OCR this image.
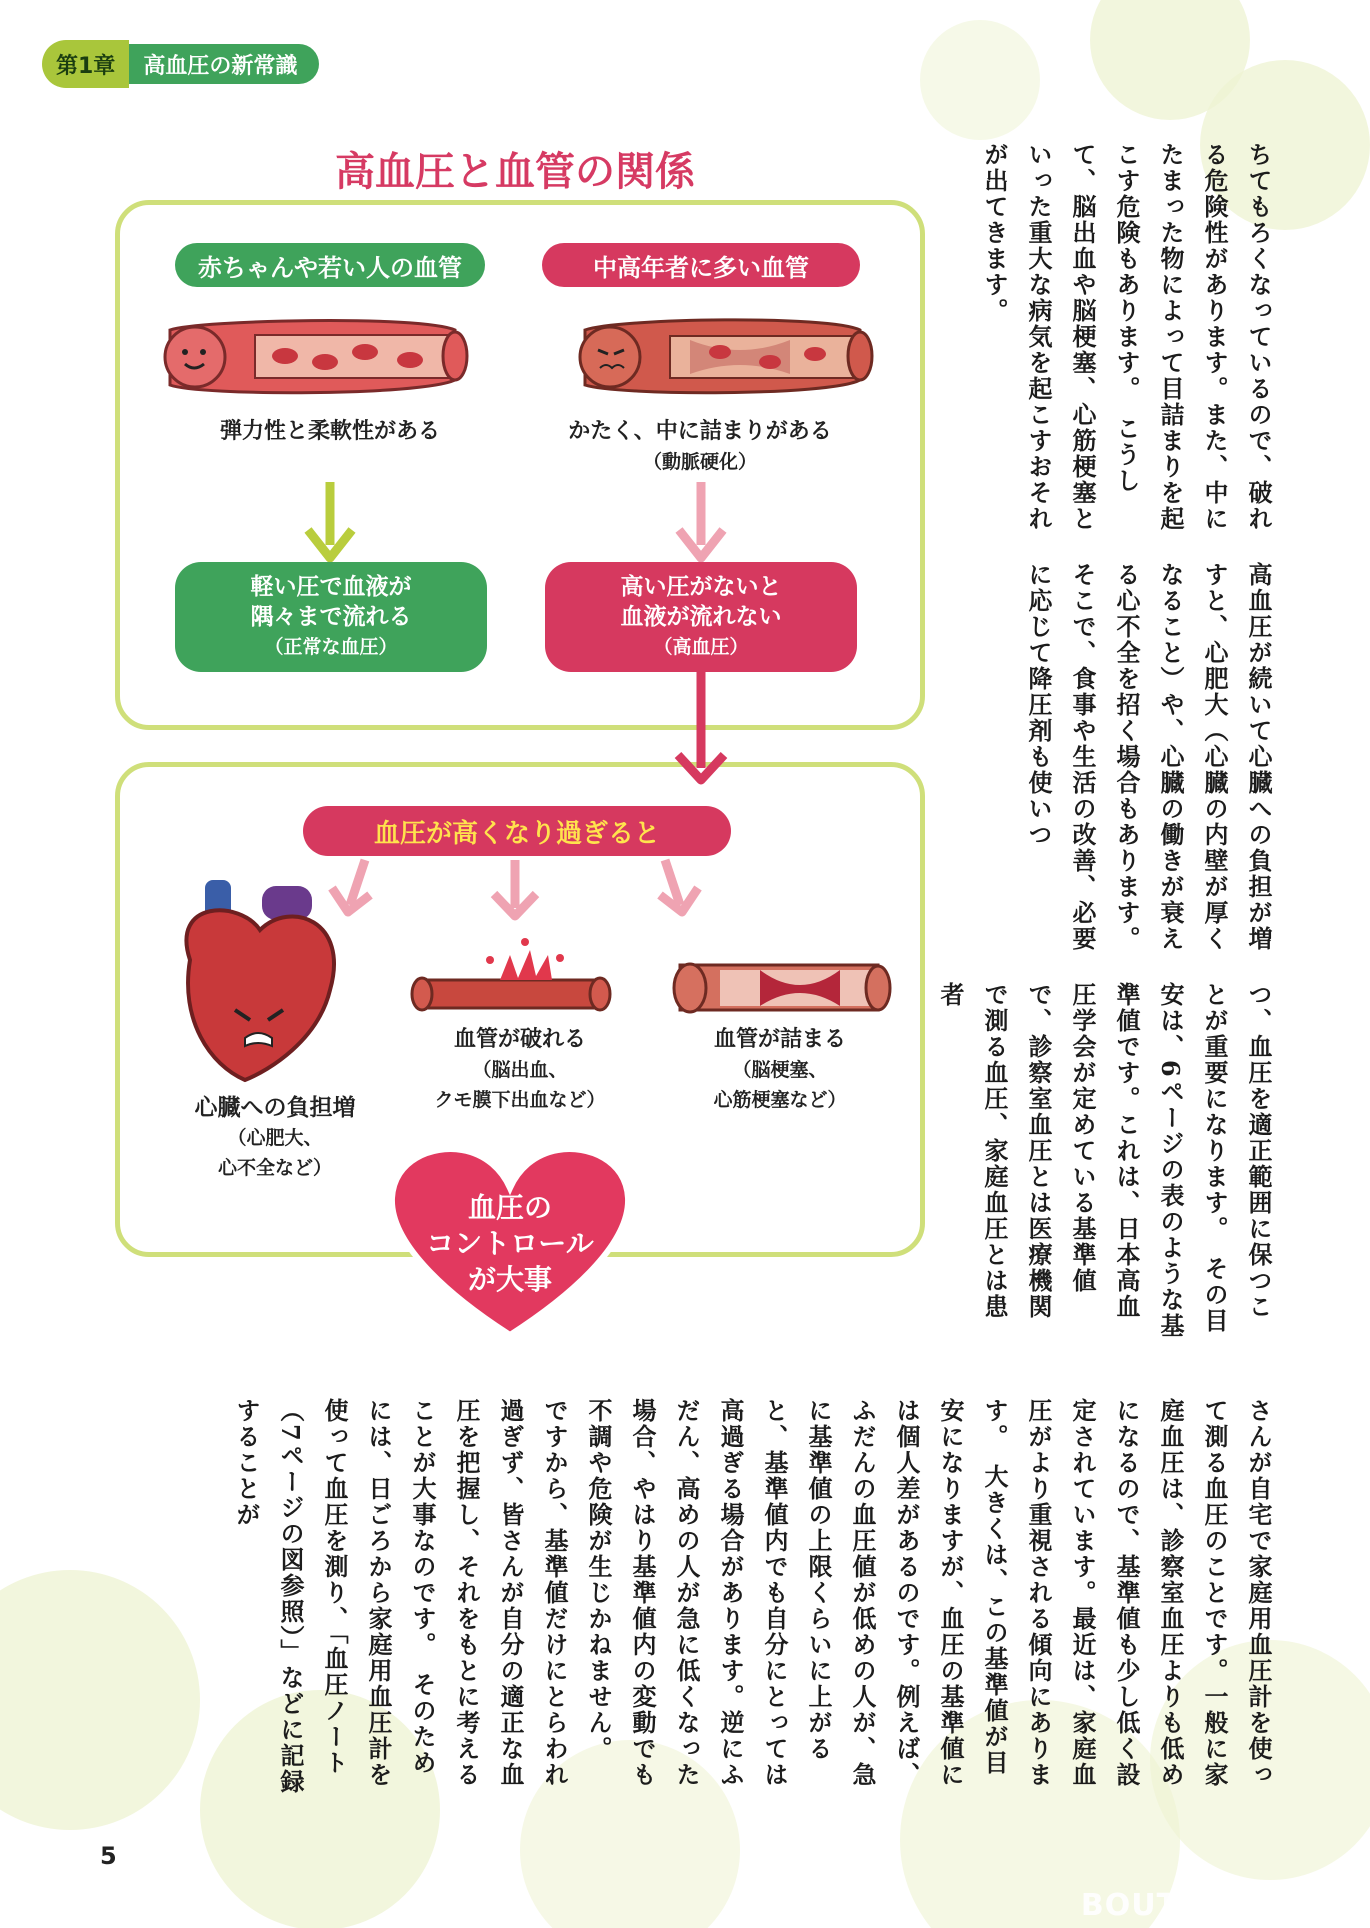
第1章	高血圧の新常識
高血圧と血管の関係
赤ちゃんや若い人の血管	中高年者に多い血管
弾力性と柔軟性がある	かたく、中に詰まりがある
（動脈硬化）
軽い圧で血液が
隅々まで流れる
（正常な血圧）
高い圧がないと
血液が流れない
（高血圧）
血圧が高くなり過ぎると
心臓への負担増
（心肥大、
心不全など）
血管が破れる
（脳出血、
クモ膜下出血など）
血管が詰まる
（脳梗塞、
心筋梗塞など）
血圧の
コントロール
が大事

ちてもろくなっているので、破れる危険性があります。また、中にたまった物によって目詰まりを起こす危険もあります。　こうして、脳出血や脳梗塞、心筋梗塞といった重大な病気を起こすおそれが出てきます。

高血圧が続いて心臓への負担が増すと、心肥大（心臓の内壁が厚くなること）や、心臓の働きが衰える心不全を招く場合もあります。　そこで、食事や生活の改善、必要に応じて降圧剤も使いつ

つ、血圧を適正範囲に保つことが重要になります。　その目安は、6ページの表のような基準値です。これは、日本高血圧学会が定めている基準値で、診察室血圧とは医療機関で測る血圧、家庭血圧とは患者

さんが自宅で家庭用血圧計を使って測る血圧のことです。一般に家庭血圧は、診察室血圧よりも低めになるので、基準値も少し低く設定されています。最近は、家庭血圧がより重視される傾向にあります。　大きくは、この基準値が目安になりますが、血圧の基準値には個人差があるのです。例えば、ふだんの血圧値が低めの人が、急に基準値の上限くらいに上がると、基準値内でも自分にとっては高過ぎる場合があります。逆にふだん、高めの人が急に低くなった場合、やはり基準値内の変動でも不調や危険が生じかねません。　ですから、基準値だけにとらわれ過ぎず、皆さんが自分の適正な血圧を把握し、それをもとに考えることが大事なのです。　そのためには、日ごろから家庭用血圧計を使って血圧を測り、「血圧ノート（7ページの図参照）」などに記録することが

5
BOUTIQUE-SHA
